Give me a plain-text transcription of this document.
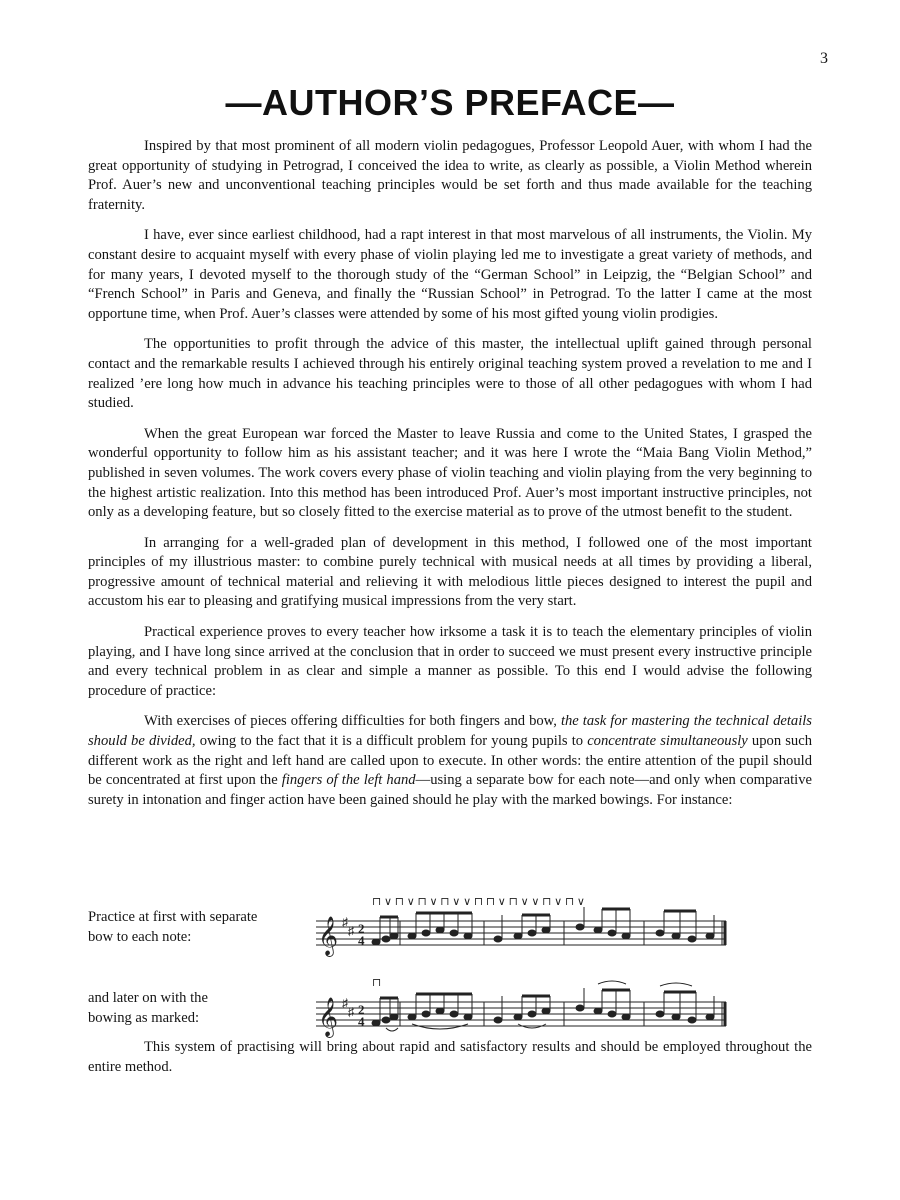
3
—AUTHOR’S PREFACE—

Inspired by that most prominent of all modern violin pedagogues, Professor Leopold Auer, with whom I had the great opportunity of studying in Petrograd, I conceived the idea to write, as clearly as possible, a Violin Method wherein Prof. Auer’s new and unconventional teaching principles would be set forth and thus made available for the teaching fraternity.

I have, ever since earliest childhood, had a rapt interest in that most marvelous of all instruments, the Violin. My constant desire to acquaint myself with every phase of violin playing led me to investigate a great variety of methods, and for many years, I devoted myself to the thorough study of the “German School” in Leipzig, the “Belgian School” and “French School” in Paris and Geneva, and finally the “Russian School” in Petrograd. To the latter I came at the most opportune time, when Prof. Auer’s classes were attended by some of his most gifted young violin prodigies.

The opportunities to profit through the advice of this master, the intellectual uplift gained through personal contact and the remarkable results I achieved through his entirely original teaching system proved a revelation to me and I realized ’ere long how much in advance his teaching principles were to those of all other pedagogues with whom I had studied.

When the great European war forced the Master to leave Russia and come to the United States, I grasped the wonderful opportunity to follow him as his assistant teacher; and it was here I wrote the “Maia Bang Violin Method,” published in seven volumes. The work covers every phase of violin teaching and violin playing from the very beginning to the highest artistic realization. Into this method has been introduced Prof. Auer’s most important instructive principles, not only as a developing feature, but so closely fitted to the exercise material as to prove of the utmost benefit to the student.

In arranging for a well-graded plan of development in this method, I followed one of the most important principles of my illustrious master: to combine purely technical with musical needs at all times by providing a liberal, progressive amount of technical material and relieving it with melodious little pieces designed to interest the pupil and accustom his ear to pleasing and gratifying musical impressions from the very start.

Practical experience proves to every teacher how irksome a task it is to teach the elementary principles of violin playing, and I have long since arrived at the conclusion that in order to succeed we must present every instructive principle and every technical problem in as clear and simple a manner as possible. To this end I would advise the following procedure of practice:

With exercises of pieces offering difficulties for both fingers and bow, the task for mastering the technical details should be divided, owing to the fact that it is a difficult problem for young pupils to concentrate simultaneously upon such different work as the right and left hand are called upon to execute. In other words: the entire attention of the pupil should be concentrated at first upon the fingers of the left hand—using a separate bow for each note—and only when comparative surety in intonation and finger action have been gained should he play with the marked bowings. For instance:

Practice at first with separate
bow to each note:	𝄞 ♯
♯ 2
4
⊓ ∨ ⊓ ∨ ⊓ ∨ ⊓ ∨ ∨ ⊓ ⊓ ∨ ⊓ ∨ ∨ ⊓ ∨ ⊓ ∨
and later on with the
bowing as marked:	𝄞 ♯
♯ 2
4
⊓

This system of practising will bring about rapid and satisfactory results and should be employed throughout the entire method.
